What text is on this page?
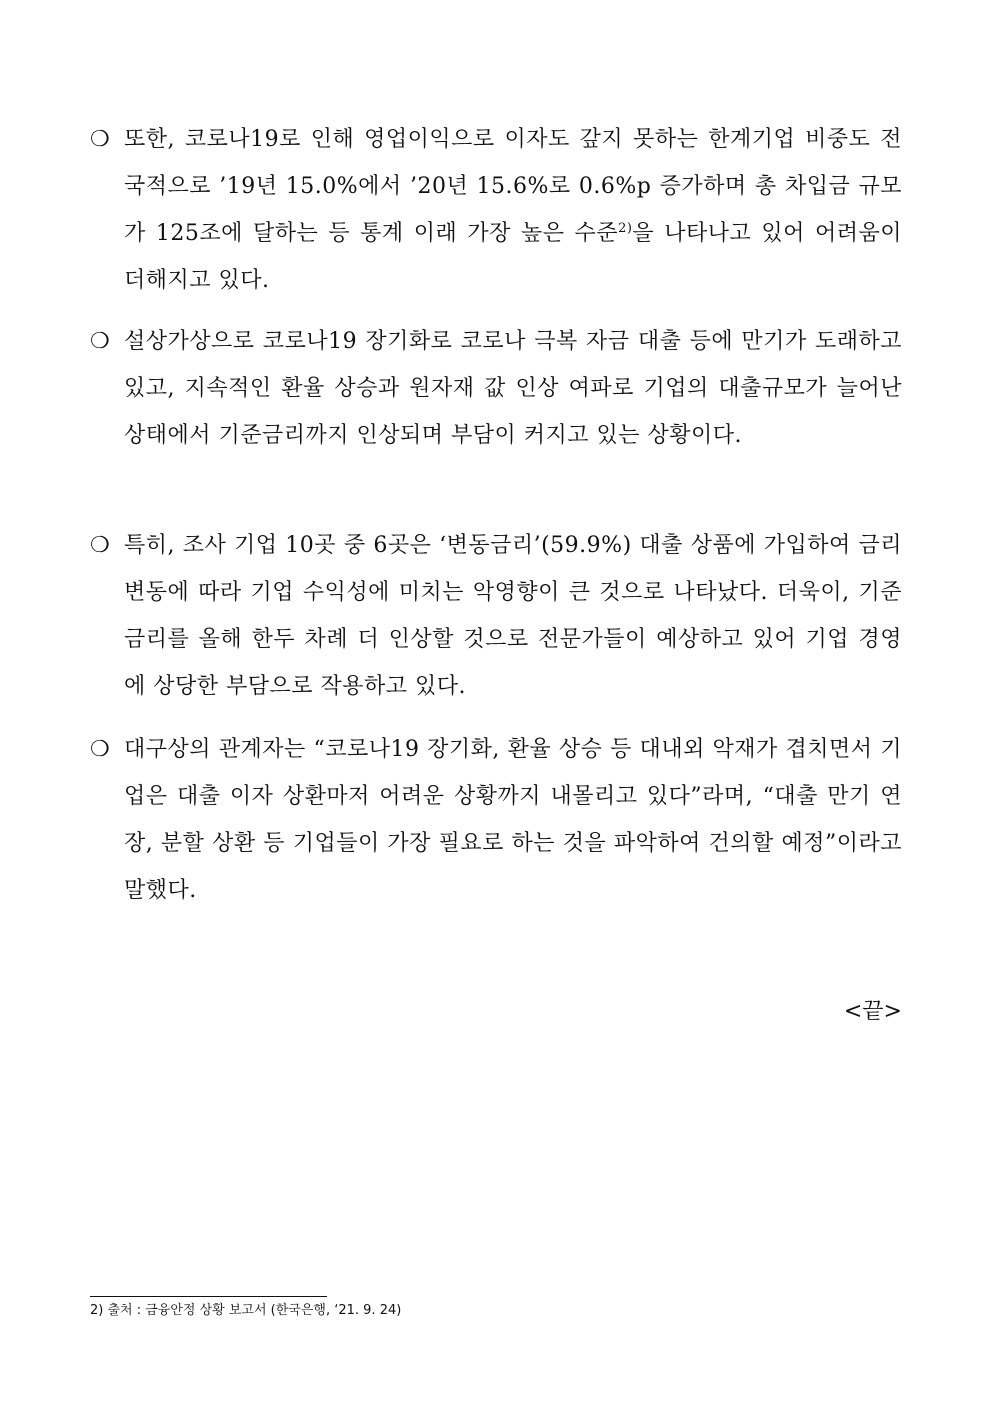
❍ 또한, 코로나19로 인해 영업이익으로 이자도 갚지 못하는 한계기업 비중도 전국적으로 ’19년 15.0%에서 ’20년 15.6%로 0.6%p 증가하며 총 차입금 규모가 125조에 달하는 등 통계 이래 가장 높은 수준$^{2)}$을 나타나고 있어 어려움이 더해지고 있다.
❍ 설상가상으로 코로나19 장기화로 코로나 극복 자금 대출 등에 만기가 도래하고 있고, 지속적인 환율 상승과 원자재 값 인상 여파로 기업의 대출규모가 늘어난 상태에서 기준금리까지 인상되며 부담이 커지고 있는 상황이다.
❍ 특히, 조사 기업 10곳 중 6곳은 ‘변동금리’(59.9%) 대출 상품에 가입하여 금리 변동에 따라 기업 수익성에 미치는 악영향이 큰 것으로 나타났다. 더욱이, 기준금리를 올해 한두 차례 더 인상할 것으로 전문가들이 예상하고 있어 기업 경영에 상당한 부담으로 작용하고 있다.
❍ 대구상의 관계자는 “코로나19 장기화, 환율 상승 등 대내외 악재가 겹치면서 기업은 대출 이자 상환마저 어려운 상황까지 내몰리고 있다”라며, “대출 만기 연장, 분할 상환 등 기업들이 가장 필요로 하는 것을 파악하여 건의할 예정”이라고 말했다.
<끝>
2) 출처 : 금융안정 상황 보고서 (한국은행, ‘21. 9. 24)
